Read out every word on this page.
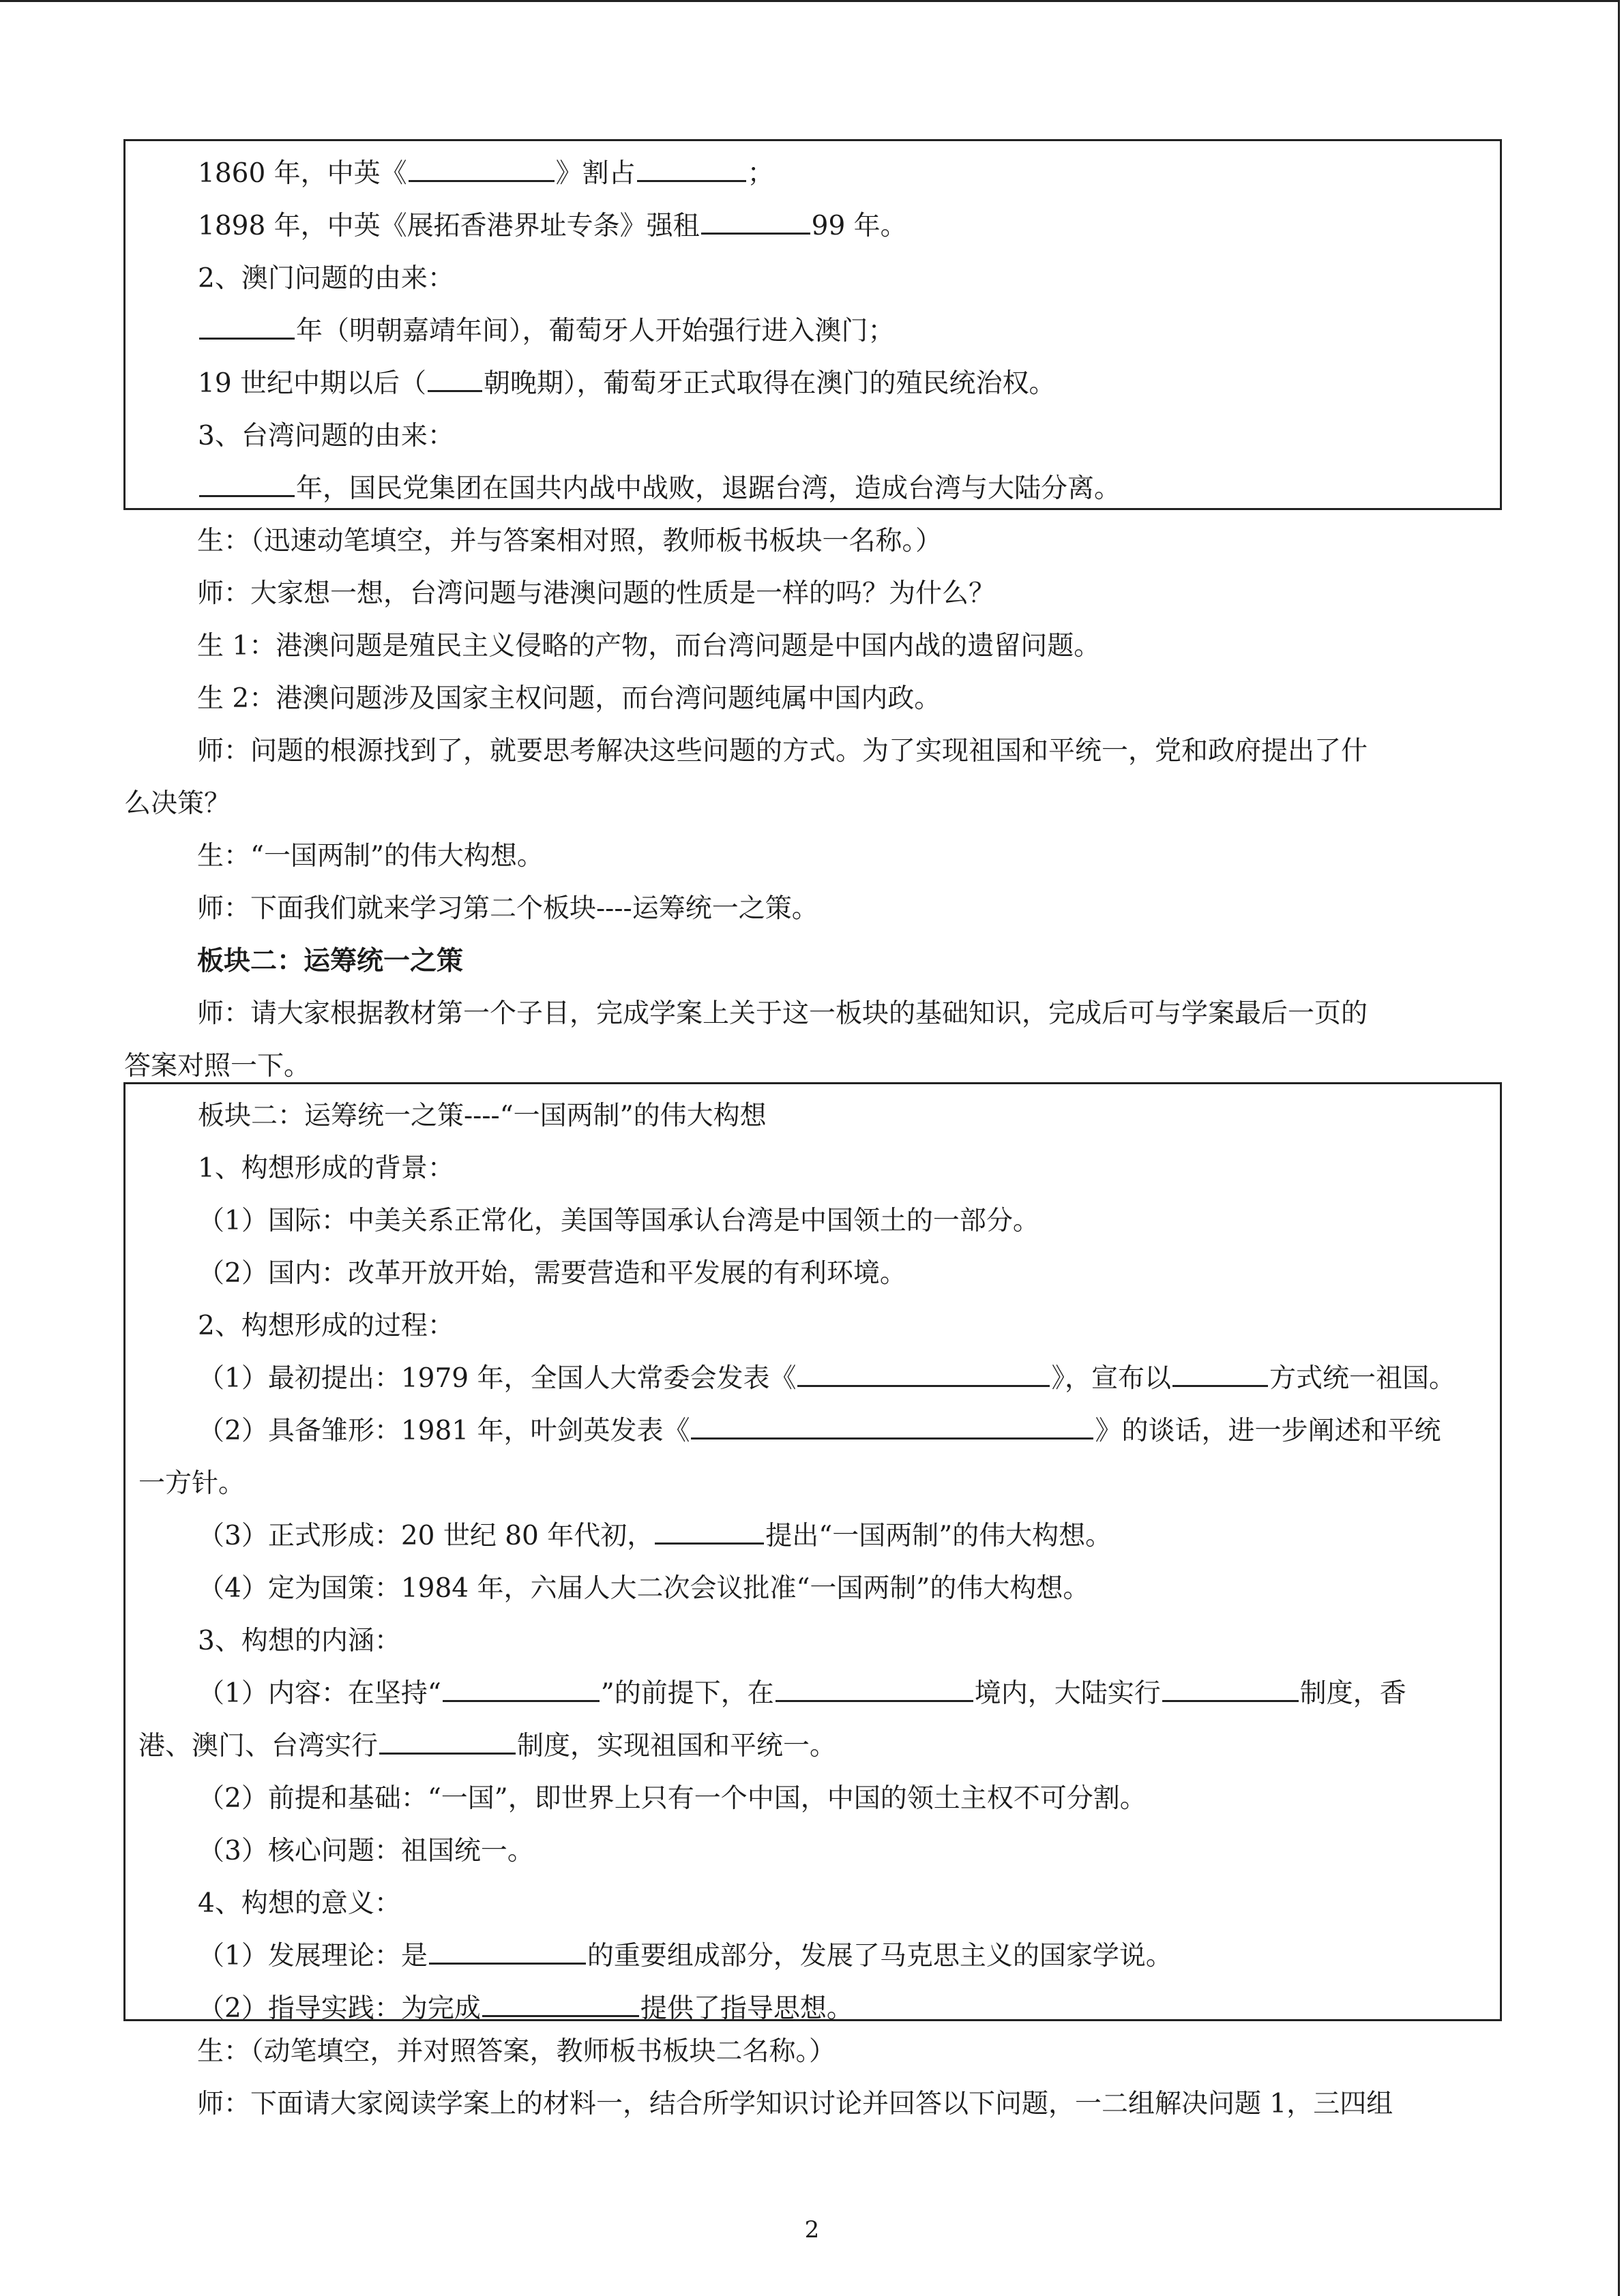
1860 年，中英《	》割占	；

1898 年，中英《展拓香港界址专条》强租	99 年。

2、澳门问题的由来：

年（明朝嘉靖年间），葡萄牙人开始强行进入澳门；

19 世纪中期以后（ 朝晚期），葡萄牙正式取得在澳门的殖民统治权。

3、台湾问题的由来：

年，国民党集团在国共内战中战败，退踞台湾，造成台湾与大陆分离。

生：（迅速动笔填空，并与答案相对照，教师板书板块一名称。）

师：大家想一想，台湾问题与港澳问题的性质是一样的吗？为什么？

生 1：港澳问题是殖民主义侵略的产物，而台湾问题是中国内战的遗留问题。

生 2：港澳问题涉及国家主权问题，而台湾问题纯属中国内政。

师：问题的根源找到了，就要思考解决这些问题的方式。为了实现祖国和平统一，党和政府提出了什

么决策？

生：“一国两制”的伟大构想。

师：下面我们就来学习第二个板块----运筹统一之策。

板块二：运筹统一之策

师：请大家根据教材第一个子目，完成学案上关于这一板块的基础知识，完成后可与学案最后一页的

答案对照一下。

板块二：运筹统一之策----“一国两制”的伟大构想

1、构想形成的背景：

（1）国际：中美关系正常化，美国等国承认台湾是中国领土的一部分。

（2）国内：改革开放开始，需要营造和平发展的有利环境。

2、构想形成的过程：

（1）最初提出：1979 年，全国人大常委会发表《	》，宣布以	方式统一祖国。

（2）具备雏形：1981 年，叶剑英发表《	》的谈话，进一步阐述和平统

一方针。

（3）正式形成：20 世纪 80 年代初，	提出“一国两制”的伟大构想。

（4）定为国策：1984 年，六届人大二次会议批准“一国两制”的伟大构想。

3、构想的内涵：

（1）内容：在坚持“	”的前提下，在	境内，大陆实行	制度，香

港、澳门、台湾实行	制度，实现祖国和平统一。

（2）前提和基础：“一国”，即世界上只有一个中国，中国的领土主权不可分割。

（3）核心问题：祖国统一。

4、构想的意义：

（1）发展理论：是	的重要组成部分，发展了马克思主义的国家学说。

（2）指导实践：为完成	提供了指导思想。

生：（动笔填空，并对照答案，教师板书板块二名称。）

师：下面请大家阅读学案上的材料一，结合所学知识讨论并回答以下问题，一二组解决问题 1，三四组

2
